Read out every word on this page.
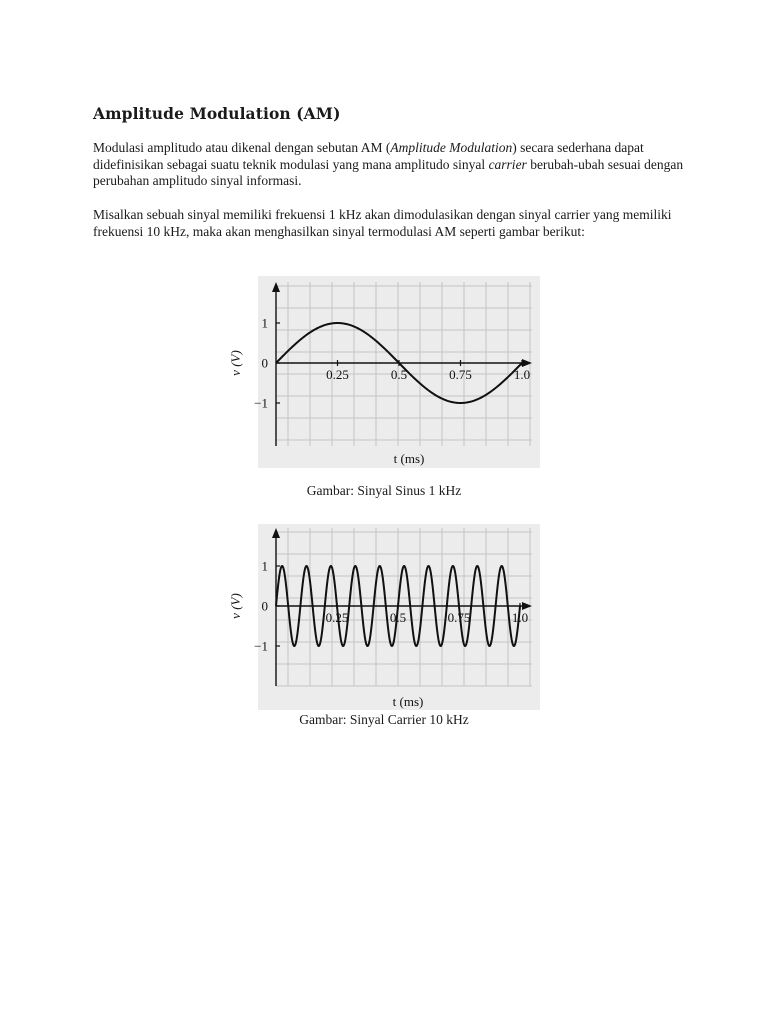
Amplitude Modulation (AM)
Modulasi amplitudo atau dikenal dengan sebutan AM (Amplitude Modulation) secara sederhana dapat didefinisikan sebagai suatu teknik modulasi yang mana amplitudo sinyal carrier berubah-ubah sesuai dengan perubahan amplitudo sinyal informasi.
Misalkan sebuah sinyal memiliki frekuensi 1 kHz akan dimodulasikan dengan sinyal carrier yang memiliki frekuensi 10 kHz, maka akan menghasilkan sinyal termodulasi AM seperti gambar berikut:
1
0
−1
0.25	0.5	0.75	1.0
t (ms)
v (V)
Gambar: Sinyal Sinus 1 kHz
1
0
−1
0.25	0.5	0.75	1.0
t (ms)
v (V)
Gambar: Sinyal Carrier 10 kHz
